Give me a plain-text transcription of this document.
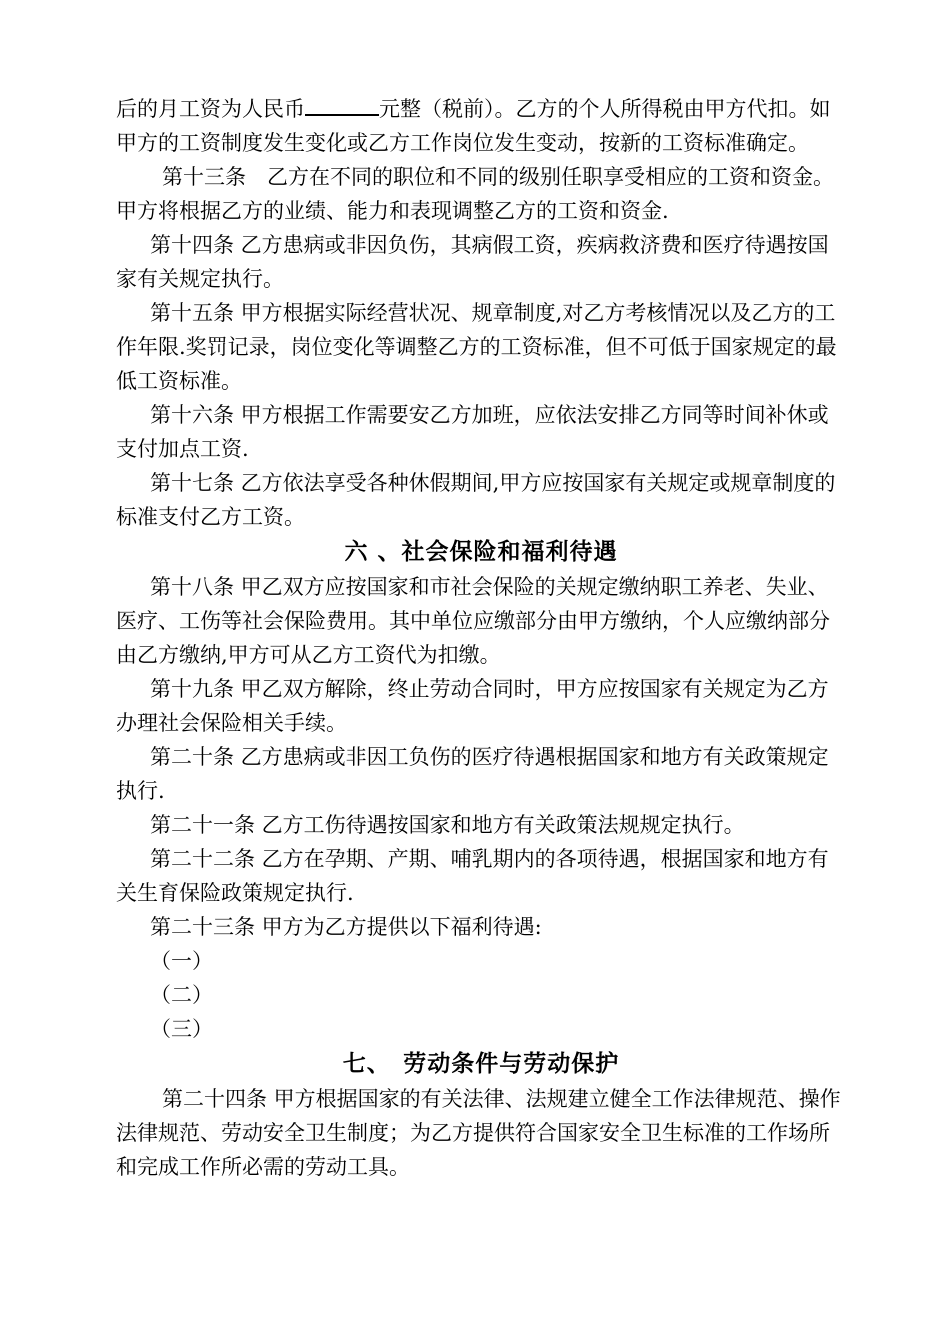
后的月工资为人民币	元整（税前）。乙方的个人所得税由甲方代扣。如甲方的工资制度发生变化或乙方工作岗位发生变动，按新的工资标准确定。

第十三条　乙方在不同的职位和不同的级别任职享受相应的工资和资金。甲方将根据乙方的业绩、能力和表现调整乙方的工资和资金.

第十四条 乙方患病或非因负伤，其病假工资，疾病救济费和医疗待遇按国家有关规定执行。

第十五条 甲方根据实际经营状况、规章制度,对乙方考核情况以及乙方的工作年限.奖罚记录，岗位变化等调整乙方的工资标准，但不可低于国家规定的最低工资标准。

第十六条 甲方根据工作需要安乙方加班，应依法安排乙方同等时间补休或支付加点工资.

第十七条 乙方依法享受各种休假期间,甲方应按国家有关规定或规章制度的标准支付乙方工资。

六 、社会保险和福利待遇

第十八条 甲乙双方应按国家和市社会保险的关规定缴纳职工养老、失业、医疗、工伤等社会保险费用。其中单位应缴部分由甲方缴纳，个人应缴纳部分由乙方缴纳,甲方可从乙方工资代为扣缴。

第十九条 甲乙双方解除，终止劳动合同时，甲方应按国家有关规定为乙方办理社会保险相关手续。

第二十条 乙方患病或非因工负伤的医疗待遇根据国家和地方有关政策规定执行.

第二十一条 乙方工伤待遇按国家和地方有关政策法规规定执行。

第二十二条 乙方在孕期、产期、哺乳期内的各项待遇，根据国家和地方有关生育保险政策规定执行.

第二十三条 甲方为乙方提供以下福利待遇:

（一）

（二）

（三）

七、　劳动条件与劳动保护

第二十四条 甲方根据国家的有关法律、法规建立健全工作法律规范、操作法律规范、劳动安全卫生制度；为乙方提供符合国家安全卫生标准的工作场所和完成工作所必需的劳动工具。
